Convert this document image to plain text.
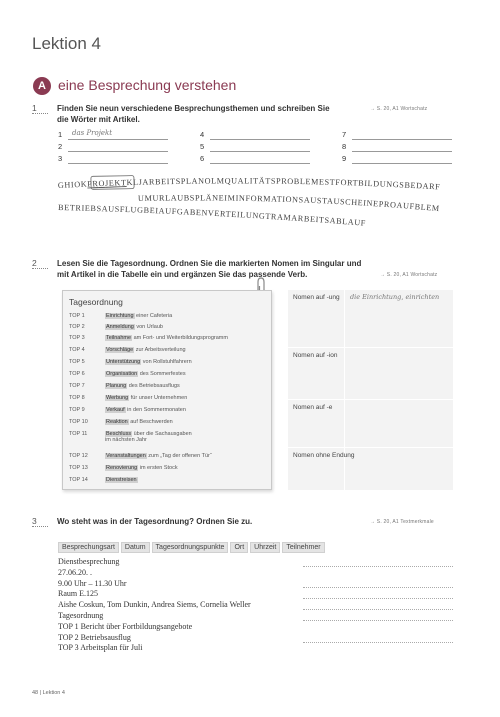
Lektion 4
A eine Besprechung verstehen
1	Finden Sie neun verschiedene Besprechungsthemen und schreiben Sie
die Wörter mit Artikel.
→ S. 20, A1 Wortschatz
1 das Projekt
2
3
4
5
6
7
8
9
GHIOKPROJEKTKLJARBEITSPLANOLMQUALITÄTSPROBLEMESTFORTBILDUNGSBEDARF
UMURLAUBSPLÄNEIMINFORMATIONSAUSTAUSCHEINEPROAUFBLEM
BETRIEBSAUSFLUGBEIAUFGABENVERTEILUNGTRAMARBEITSABLAUF
2	Lesen Sie die Tagesordnung. Ordnen Sie die markierten Nomen im Singular und
mit Artikel in die Tabelle ein und ergänzen Sie das passende Verb.	→ S. 20, A1 Wortschatz
Tagesordnung
TOP 1	Einrichtung einer Cafeteria
TOP 2	Anmeldung von Urlaub
TOP 3	Teilnahme am Fort- und Weiterbildungsprogramm
TOP 4	Vorschläge zur Arbeitsverteilung
TOP 5	Unterstützung von Rollstuhlfahrern
TOP 6	Organisation des Sommerfestes
TOP 7	Planung des Betriebsausflugs
TOP 8	Werbung für unser Unternehmen
TOP 9	Verkauf in den Sommermonaten
TOP 10	Reaktion auf Beschwerden
TOP 11	Beschluss über die Sachausgaben
im nächsten Jahr
TOP 12	Veranstaltungen zum „Tag der offenen Tür“
TOP 13	Renovierung im ersten Stock
TOP 14	Dienstreisen
Nomen auf -ung die Einrichtung, einrichten
Nomen auf -ion
Nomen auf -e
Nomen ohne Endung
3	Wo steht was in der Tagesordnung? Ordnen Sie zu.	→ S. 20, A1 Textmerkmale
Besprechungsart Datum Tagesordnungspunkte Ort Uhrzeit Teilnehmer
Dienstbesprechung
27.06.20. .
9.00 Uhr – 11.30 Uhr
Raum E.125
Aishe Coskun, Tom Dunkin, Andrea Siems, Cornelia Weller
Tagesordnung
TOP 1 Bericht über Fortbildungsangebote
TOP 2 Betriebsausflug
TOP 3 Arbeitsplan für Juli
48 | Lektion 4
